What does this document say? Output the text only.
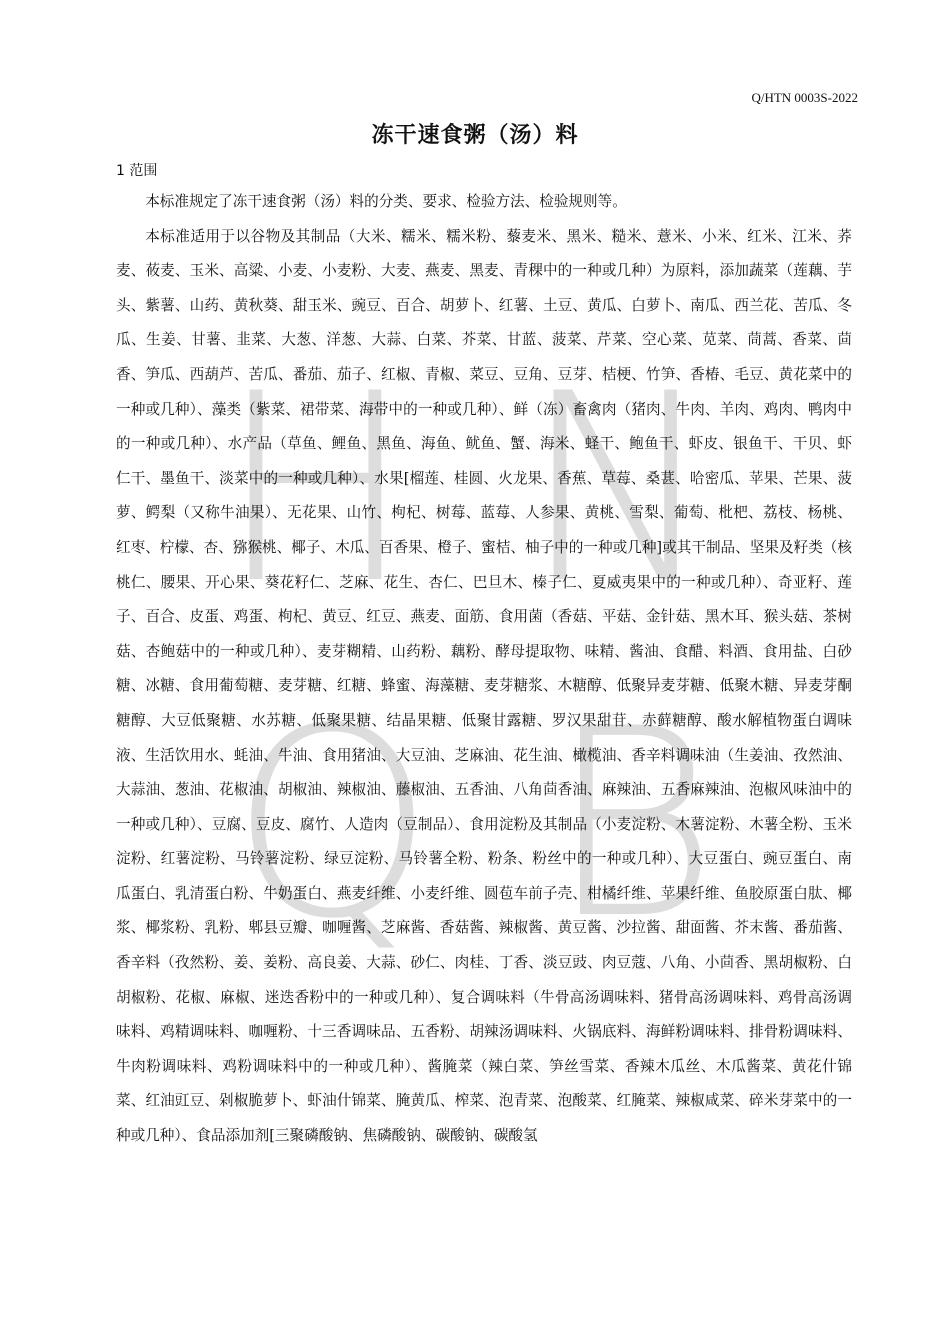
H N
Q B
Q/HTN 0003S-2022
冻干速食粥（汤）料
1 范围

本标准规定了冻干速食粥（汤）料的分类、要求、检验方法、检验规则等。

本标准适用于以谷物及其制品（大米、糯米、糯米粉、藜麦米、黑米、糙米、薏米、小米、红米、江米、荞麦、莜麦、玉米、高粱、小麦、小麦粉、大麦、燕麦、黑麦、青稞中的一种或几种）为原料，添加蔬菜（莲藕、芋头、紫薯、山药、黄秋葵、甜玉米、豌豆、百合、胡萝卜、红薯、土豆、黄瓜、白萝卜、南瓜、西兰花、苦瓜、冬瓜、生姜、甘薯、韭菜、大葱、洋葱、大蒜、白菜、芥菜、甘蓝、菠菜、芹菜、空心菜、苋菜、茼蒿、香菜、茴香、笋瓜、西葫芦、苦瓜、番茄、茄子、红椒、青椒、菜豆、豆角、豆芽、桔梗、竹笋、香椿、毛豆、黄花菜中的一种或几种）、藻类（紫菜、裙带菜、海带中的一种或几种）、鲜（冻）畜禽肉（猪肉、牛肉、羊肉、鸡肉、鸭肉中的一种或几种）、水产品（草鱼、鲤鱼、黑鱼、海鱼、鱿鱼、蟹、海米、蛏干、鲍鱼干、虾皮、银鱼干、干贝、虾仁干、墨鱼干、淡菜中的一种或几种）、水果[榴莲、桂圆、火龙果、香蕉、草莓、桑葚、哈密瓜、苹果、芒果、菠萝、鳄梨（又称牛油果）、无花果、山竹、枸杞、树莓、蓝莓、人参果、黄桃、雪梨、葡萄、枇杷、荔枝、杨桃、红枣、柠檬、杏、猕猴桃、椰子、木瓜、百香果、橙子、蜜桔、柚子中的一种或几种]或其干制品、坚果及籽类（核桃仁、腰果、开心果、葵花籽仁、芝麻、花生、杏仁、巴旦木、榛子仁、夏威夷果中的一种或几种）、奇亚籽、莲子、百合、皮蛋、鸡蛋、枸杞、黄豆、红豆、燕麦、面筋、食用菌（香菇、平菇、金针菇、黑木耳、猴头菇、茶树菇、杏鲍菇中的一种或几种）、麦芽糊精、山药粉、藕粉、酵母提取物、味精、酱油、食醋、料酒、食用盐、白砂糖、冰糖、食用葡萄糖、麦芽糖、红糖、蜂蜜、海藻糖、麦芽糖浆、木糖醇、低聚异麦芽糖、低聚木糖、异麦芽酮糖醇、大豆低聚糖、水苏糖、低聚果糖、结晶果糖、低聚甘露糖、罗汉果甜苷、赤藓糖醇、酸水解植物蛋白调味液、生活饮用水、蚝油、牛油、食用猪油、大豆油、芝麻油、花生油、橄榄油、香辛料调味油（生姜油、孜然油、大蒜油、葱油、花椒油、胡椒油、辣椒油、藤椒油、五香油、八角茴香油、麻辣油、五香麻辣油、泡椒风味油中的一种或几种）、豆腐、豆皮、腐竹、人造肉（豆制品）、食用淀粉及其制品（小麦淀粉、木薯淀粉、木薯全粉、玉米淀粉、红薯淀粉、马铃薯淀粉、绿豆淀粉、马铃薯全粉、粉条、粉丝中的一种或几种）、大豆蛋白、豌豆蛋白、南瓜蛋白、乳清蛋白粉、牛奶蛋白、燕麦纤维、小麦纤维、圆苞车前子壳、柑橘纤维、苹果纤维、鱼胶原蛋白肽、椰浆、椰浆粉、乳粉、郫县豆瓣、咖喱酱、芝麻酱、香菇酱、辣椒酱、黄豆酱、沙拉酱、甜面酱、芥末酱、番茄酱、 香辛料（孜然粉、姜、姜粉、高良姜、大蒜、砂仁、肉桂、丁香、淡豆豉、肉豆蔻、八角、小茴香、黑胡椒粉、白胡椒粉、花椒、麻椒、迷迭香粉中的一种或几种）、复合调味料（牛骨高汤调味料、猪骨高汤调味料、鸡骨高汤调味料、鸡精调味料、咖喱粉、十三香调味品、五香粉、胡辣汤调味料、火锅底料、海鲜粉调味料、排骨粉调味料、牛肉粉调味料、鸡粉调味料中的一种或几种）、酱腌菜（辣白菜、笋丝雪菜、香辣木瓜丝、木瓜酱菜、黄花什锦菜、红油豇豆、剁椒脆萝卜、虾油什锦菜、腌黄瓜、榨菜、泡青菜、泡酸菜、红腌菜、辣椒咸菜、碎米芽菜中的一种或几种）、食品添加剂[三聚磷酸钠、焦磷酸钠、碳酸钠、碳酸氢
